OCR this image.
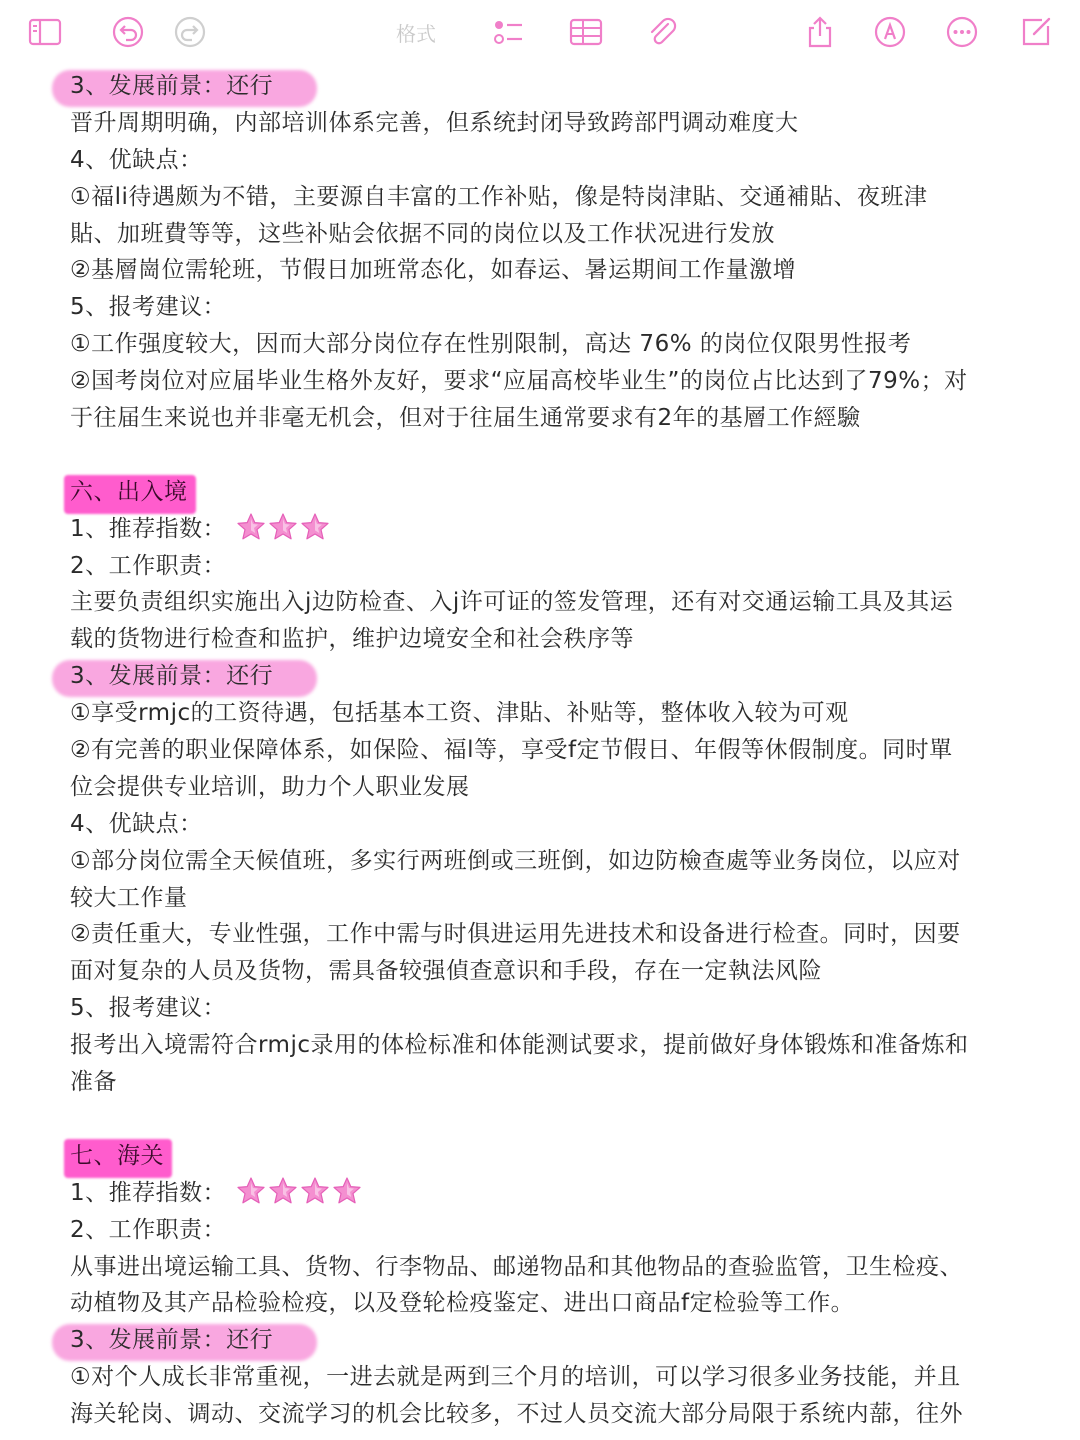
格式
3、发展前景：还行
晋升周期明确，内部培训体系完善，但系统封闭导致跨部門调动难度大
4、优缺点：
①福li待遇颇为不错，主要源自丰富的工作补贴，像是特岗津貼、交通補貼、夜班津
貼、加班費等等，这些补贴会依据不同的岗位以及工作状况进行发放
②基層崗位需轮班，节假日加班常态化，如春运、暑运期间工作量激增
5、报考建议：
①工作强度较大，因而大部分岗位存在性别限制，高达 76% 的岗位仅限男性报考
②国考岗位对应届毕业生格外友好，要求“应届高校毕业生”的岗位占比达到了79%；对
于往届生来说也并非毫无机会，但对于往届生通常要求有2年的基層工作經驗
六、出入境
1、推荐指数：
2、工作职责：
主要负责组织实施出入j边防检查、入j许可证的签发管理，还有对交通运输工具及其运
载的货物进行检查和监护，维护边境安全和社会秩序等
3、发展前景：还行
①享受rmjc的工资待遇，包括基本工资、津貼、补贴等，整体收入较为可观
②有完善的职业保障体系，如保险、福l等，享受f定节假日、年假等休假制度。同时單
位会提供专业培训，助力个人职业发展
4、优缺点：
①部分岗位需全天候值班，多实行两班倒或三班倒，如边防檢查處等业务岗位，以应对
较大工作量
②责任重大，专业性强，工作中需与时俱进运用先进技术和设备进行检查。同时，因要
面对复杂的人员及货物，需具备较强偵查意识和手段，存在一定執法风险
5、报考建议：
报考出入境需符合rmjc录用的体检标准和体能测试要求，提前做好身体锻炼和准备炼和
准备
七、海关
1、推荐指数：
2、工作职责：
从事进出境运输工具、货物、行李物品、邮递物品和其他物品的查验监管，卫生检疫、
动植物及其产品检验检疫，以及登轮检疫鉴定、进出口商品f定检验等工作。
3、发展前景：还行
①对个人成长非常重视，一进去就是两到三个月的培训，可以学习很多业务技能，并且
海关轮岗、调动、交流学习的机会比较多，不过人员交流大部分局限于系统内蔀，往外
